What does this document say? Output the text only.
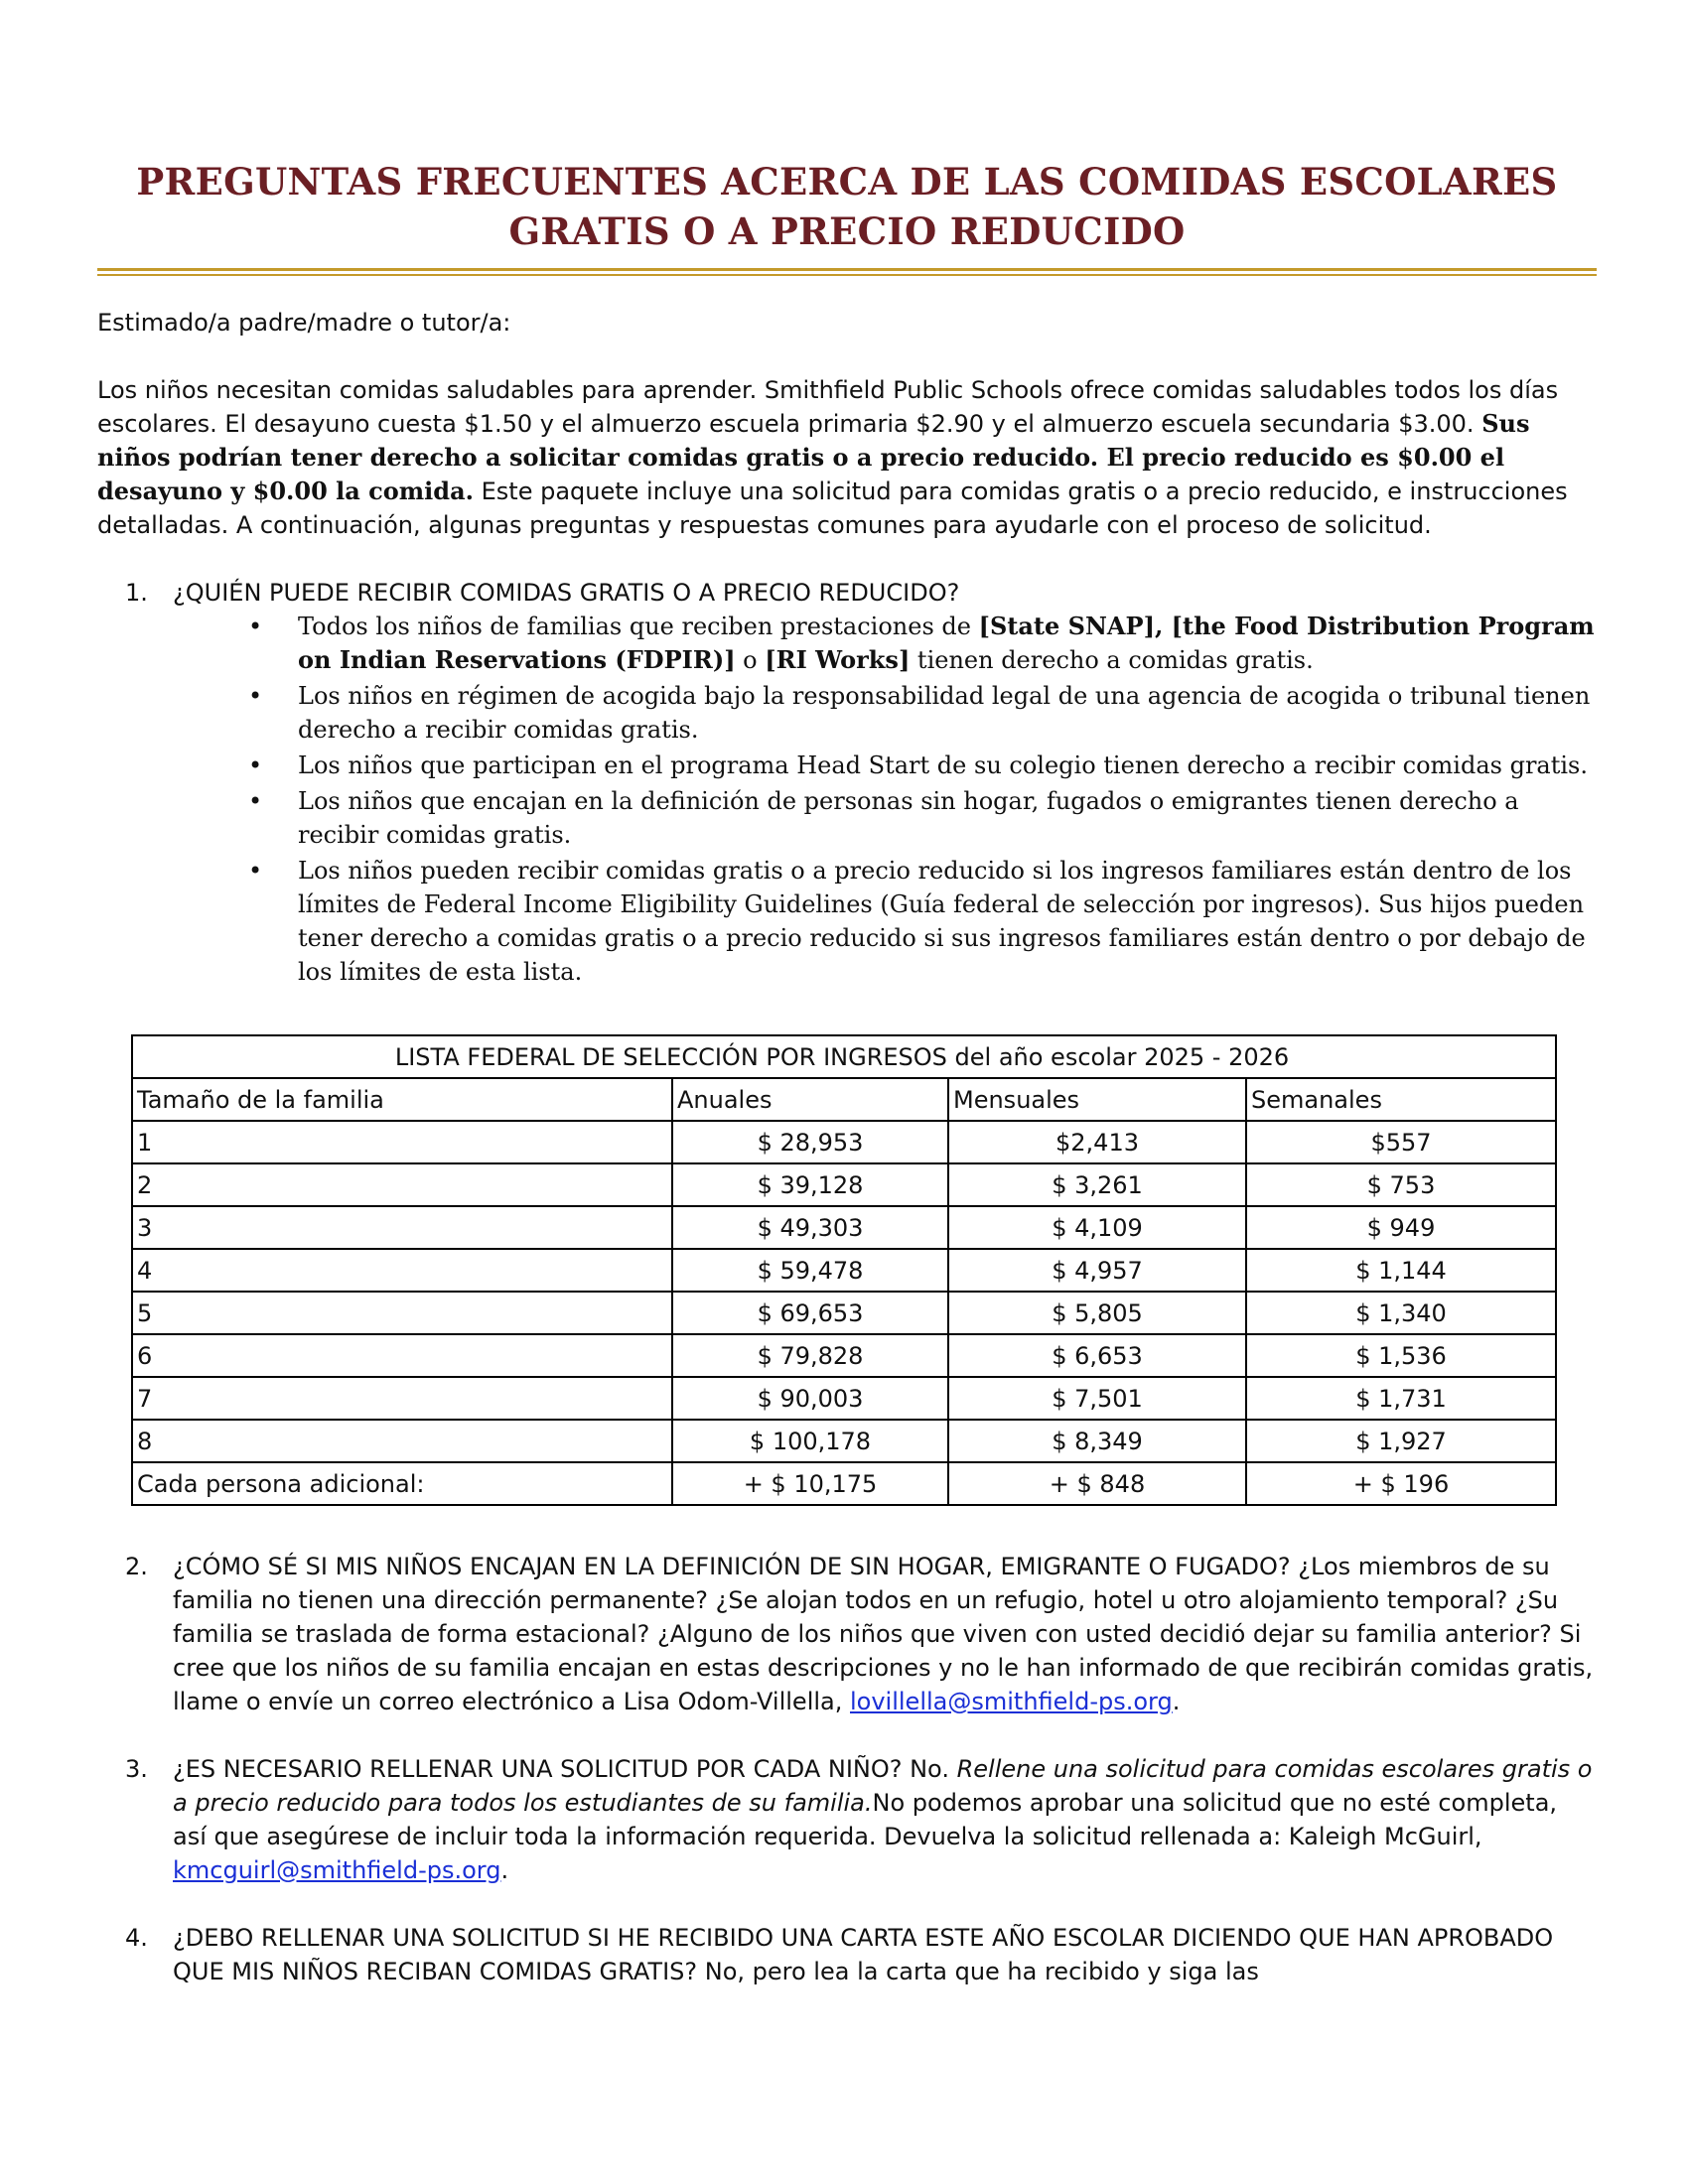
PREGUNTAS FRECUENTES ACERCA DE LAS COMIDAS ESCOLARES
GRATIS O A PRECIO REDUCIDO

Estimado/a padre/madre o tutor/a:

Los niños necesitan comidas saludables para aprender. Smithfield Public Schools ofrece comidas saludables todos los días escolares. El desayuno cuesta $1.50 y el almuerzo escuela primaria $2.90 y el almuerzo escuela secundaria $3.00. Sus niños podrían tener derecho a solicitar comidas gratis o a precio reducido. El precio reducido es $0.00 el desayuno y $0.00 la comida. Este paquete incluye una solicitud para comidas gratis o a precio reducido, e instrucciones detalladas. A continuación, algunas preguntas y respuestas comunes para ayudarle con el proceso de solicitud.

1. ¿QUIÉN PUEDE RECIBIR COMIDAS GRATIS O A PRECIO REDUCIDO?
• Todos los niños de familias que reciben prestaciones de [State SNAP], [the Food Distribution Program on Indian Reservations (FDPIR)] o [RI Works] tienen derecho a comidas gratis.
• Los niños en régimen de acogida bajo la responsabilidad legal de una agencia de acogida o tribunal tienen derecho a recibir comidas gratis.
• Los niños que participan en el programa Head Start de su colegio tienen derecho a recibir comidas gratis.
• Los niños que encajan en la definición de personas sin hogar, fugados o emigrantes tienen derecho a recibir comidas gratis.
• Los niños pueden recibir comidas gratis o a precio reducido si los ingresos familiares están dentro de los límites de Federal Income Eligibility Guidelines (Guía federal de selección por ingresos). Sus hijos pueden tener derecho a comidas gratis o a precio reducido si sus ingresos familiares están dentro o por debajo de los límites de esta lista.
LISTA FEDERAL DE SELECCIÓN POR INGRESOS del año escolar 2025 - 2026			
Tamaño de la familia	Anuales	Mensuales	Semanales
1	$ 28,953	$2,413	$557
2	$ 39,128	$ 3,261	$ 753
3	$ 49,303	$ 4,109	$ 949
4	$ 59,478	$ 4,957	$ 1,144
5	$ 69,653	$ 5,805	$ 1,340
6	$ 79,828	$ 6,653	$ 1,536
7	$ 90,003	$ 7,501	$ 1,731
8	$ 100,178	$ 8,349	$ 1,927
Cada persona adicional:	+ $ 10,175	+ $ 848	+ $ 196
2. ¿CÓMO SÉ SI MIS NIÑOS ENCAJAN EN LA DEFINICIÓN DE SIN HOGAR, EMIGRANTE O FUGADO? ¿Los miembros de su familia no tienen una dirección permanente? ¿Se alojan todos en un refugio, hotel u otro alojamiento temporal? ¿Su familia se traslada de forma estacional? ¿Alguno de los niños que viven con usted decidió dejar su familia anterior? Si cree que los niños de su familia encajan en estas descripciones y no le han informado de que recibirán comidas gratis, llame o envíe un correo electrónico a Lisa Odom-Villella, lovillella@smithfield-ps.org.
3. ¿ES NECESARIO RELLENAR UNA SOLICITUD POR CADA NIÑO? No. Rellene una solicitud para comidas escolares gratis o a precio reducido para todos los estudiantes de su familia.No podemos aprobar una solicitud que no esté completa, así que asegúrese de incluir toda la información requerida. Devuelva la solicitud rellenada a: Kaleigh McGuirl, kmcguirl@smithfield-ps.org.
4. ¿DEBO RELLENAR UNA SOLICITUD SI HE RECIBIDO UNA CARTA ESTE AÑO ESCOLAR DICIENDO QUE HAN APROBADO QUE MIS NIÑOS RECIBAN COMIDAS GRATIS? No, pero lea la carta que ha recibido y siga las
